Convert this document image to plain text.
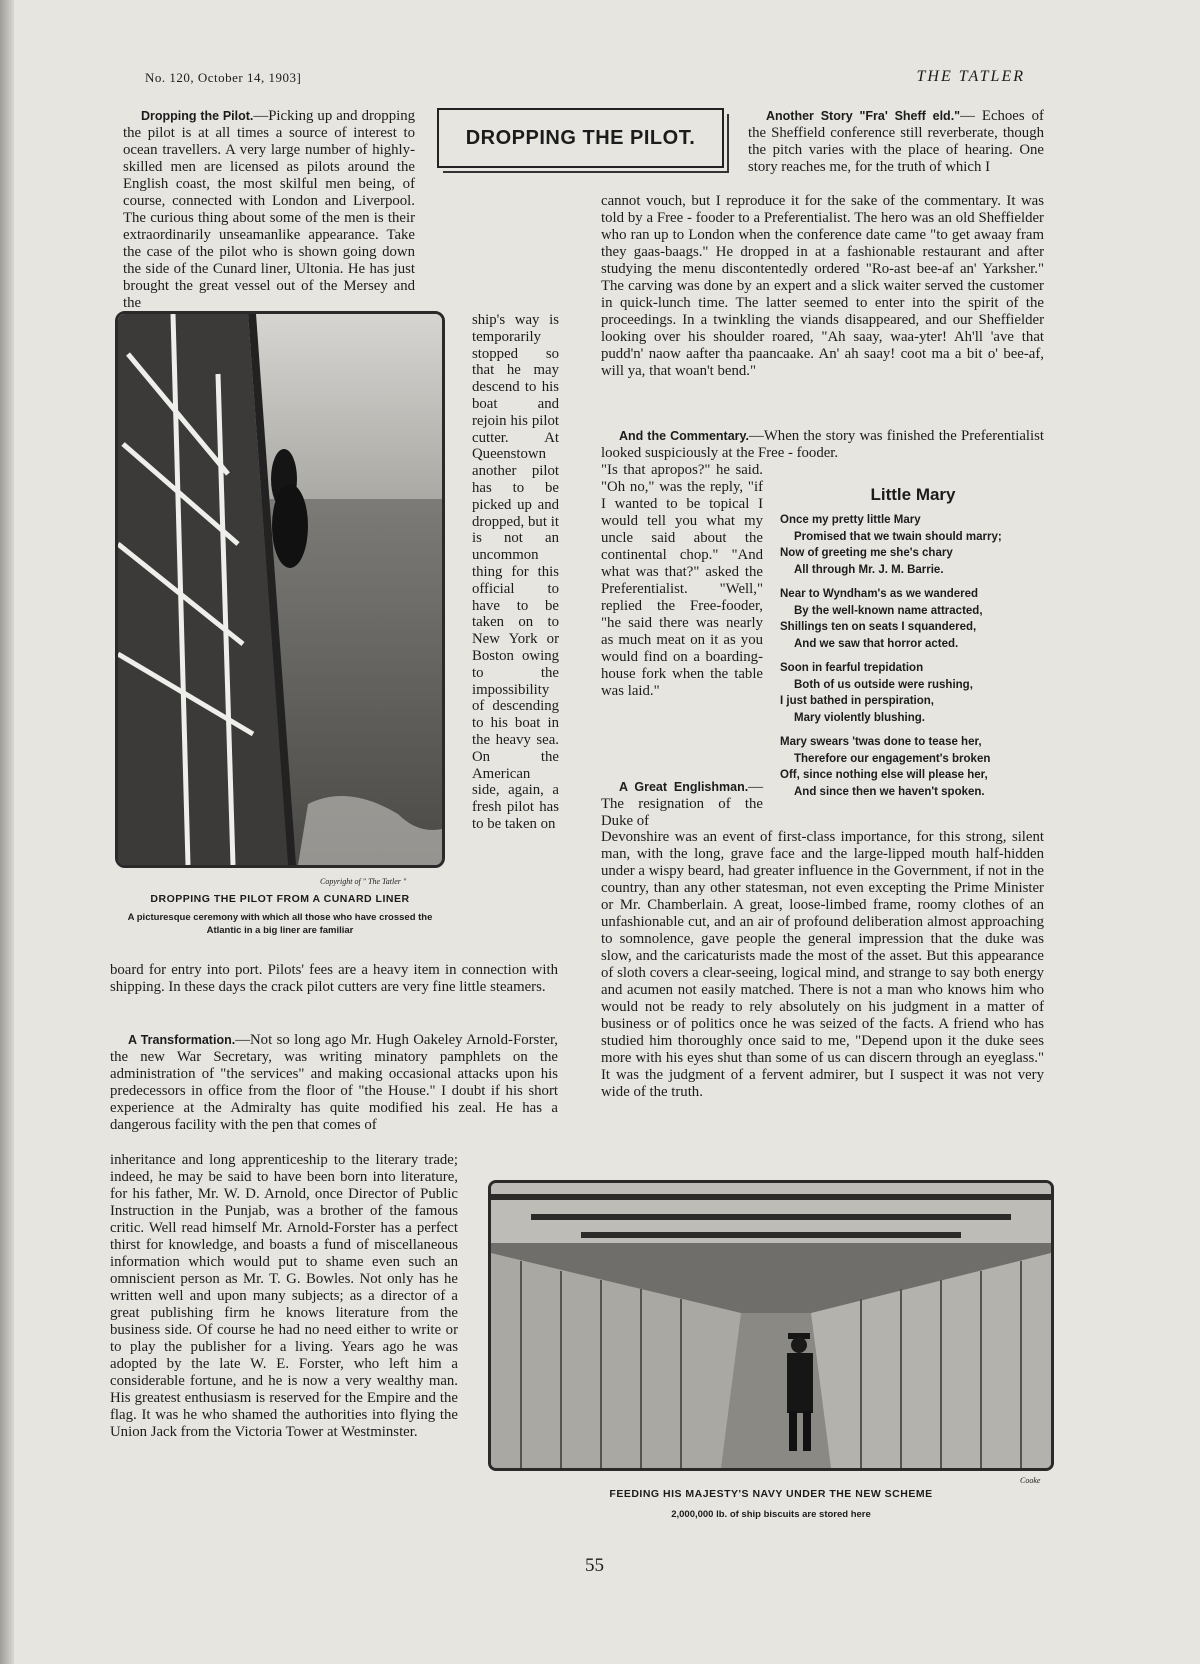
No. 120, October 14, 1903]	THE TATLER
DROPPING THE PILOT.

Dropping the Pilot.—Picking up and dropping the pilot is at all times a source of interest to ocean travellers. A very large number of highly-skilled men are licensed as pilots around the English coast, the most skilful men being, of course, connected with London and Liverpool. The curious thing about some of the men is their extraordinarily unseamanlike appearance. Take the case of the pilot who is shown going down the side of the Cunard liner, Ultonia. He has just brought the great vessel out of the Mersey and the

Copyright of " The Tatler "

DROPPING THE PILOT FROM A CUNARD LINER

A picturesque ceremony with which all those who have crossed the Atlantic in a big liner are familiar

ship's way is temporarily stopped so that he may descend to his boat and rejoin his pilot cutter. At Queenstown another pilot has to be picked up and dropped, but it is not an uncommon thing for this official to have to be taken on to New York or Boston owing to the impossibility of descending to his boat in the heavy sea. On the American side, again, a fresh pilot has to be taken on

board for entry into port. Pilots' fees are a heavy item in connection with shipping. In these days the crack pilot cutters are very fine little steamers.

A Transformation.—Not so long ago Mr. Hugh Oakeley Arnold-Forster, the new War Secretary, was writing minatory pamphlets on the administration of "the services" and making occasional attacks upon his predecessors in office from the floor of "the House." I doubt if his short experience at the Admiralty has quite modified his zeal. He has a dangerous facility with the pen that comes of

inheritance and long apprenticeship to the literary trade; indeed, he may be said to have been born into literature, for his father, Mr. W. D. Arnold, once Director of Public Instruction in the Punjab, was a brother of the famous critic. Well read himself Mr. Arnold-Forster has a perfect thirst for knowledge, and boasts a fund of miscellaneous information which would put to shame even such an omniscient person as Mr. T. G. Bowles. Not only has he written well and upon many subjects; as a director of a great publishing firm he knows literature from the business side. Of course he had no need either to write or to play the publisher for a living. Years ago he was adopted by the late W. E. Forster, who left him a considerable fortune, and he is now a very wealthy man. His greatest enthusiasm is reserved for the Empire and the flag. It was he who shamed the authorities into flying the Union Jack from the Victoria Tower at Westminster.

Another Story "Fra' Sheff eld."— Echoes of the Sheffield conference still reverberate, though the pitch varies with the place of hearing. One story reaches me, for the truth of which I

cannot vouch, but I reproduce it for the sake of the commentary. It was told by a Free - fooder to a Preferentialist. The hero was an old Sheffielder who ran up to London when the conference date came "to get awaay fram they gaas-baags." He dropped in at a fashionable restaurant and after studying the menu discontentedly ordered "Ro-ast bee-af an' Yarksher." The carving was done by an expert and a slick waiter served the customer in quick-lunch time. The latter seemed to enter into the spirit of the proceedings. In a twinkling the viands disappeared, and our Sheffielder looking over his shoulder roared, "Ah saay, waa-yter! Ah'll 'ave that pudd'n' naow aafter tha paancaake. An' ah saay! coot ma a bit o' bee-af, will ya, that woan't bend."

And the Commentary.—When the story was finished the Preferentialist looked suspiciously at the Free - fooder.

"Is that apropos?" he said. "Oh no," was the reply, "if I wanted to be topical I would tell you what my uncle said about the continental chop." "And what was that?" asked the Preferentialist. "Well," replied the Free-fooder, "he said there was nearly as much meat on it as you would find on a boarding-house fork when the table was laid."

Little Mary

Once my pretty little Mary
Promised that we twain should marry;
Now of greeting me she's chary
All through Mr. J. M. Barrie.
Near to Wyndham's as we wandered
By the well-known name attracted,
Shillings ten on seats I squandered,
And we saw that horror acted.
Soon in fearful trepidation
Both of us outside were rushing,
I just bathed in perspiration,
Mary violently blushing.
Mary swears 'twas done to tease her,
Therefore our engagement's broken
Off, since nothing else will please her,
And since then we haven't spoken.

A Great Englishman.— The resignation of the Duke of

Devonshire was an event of first-class importance, for this strong, silent man, with the long, grave face and the large-lipped mouth half-hidden under a wispy beard, had greater influence in the Government, if not in the country, than any other statesman, not even excepting the Prime Minister or Mr. Chamberlain. A great, loose-limbed frame, roomy clothes of an unfashionable cut, and an air of profound deliberation almost approaching to somnolence, gave people the general impression that the duke was slow, and the caricaturists made the most of the asset. But this appearance of sloth covers a clear-seeing, logical mind, and strange to say both energy and acumen not easily matched. There is not a man who knows him who would not be ready to rely absolutely on his judgment in a matter of business or of politics once he was seized of the facts. A friend who has studied him thoroughly once said to me, "Depend upon it the duke sees more with his eyes shut than some of us can discern through an eyeglass." It was the judgment of a fervent admirer, but I suspect it was not very wide of the truth.

Cooke

FEEDING HIS MAJESTY'S NAVY UNDER THE NEW SCHEME

2,000,000 lb. of ship biscuits are stored here

55
